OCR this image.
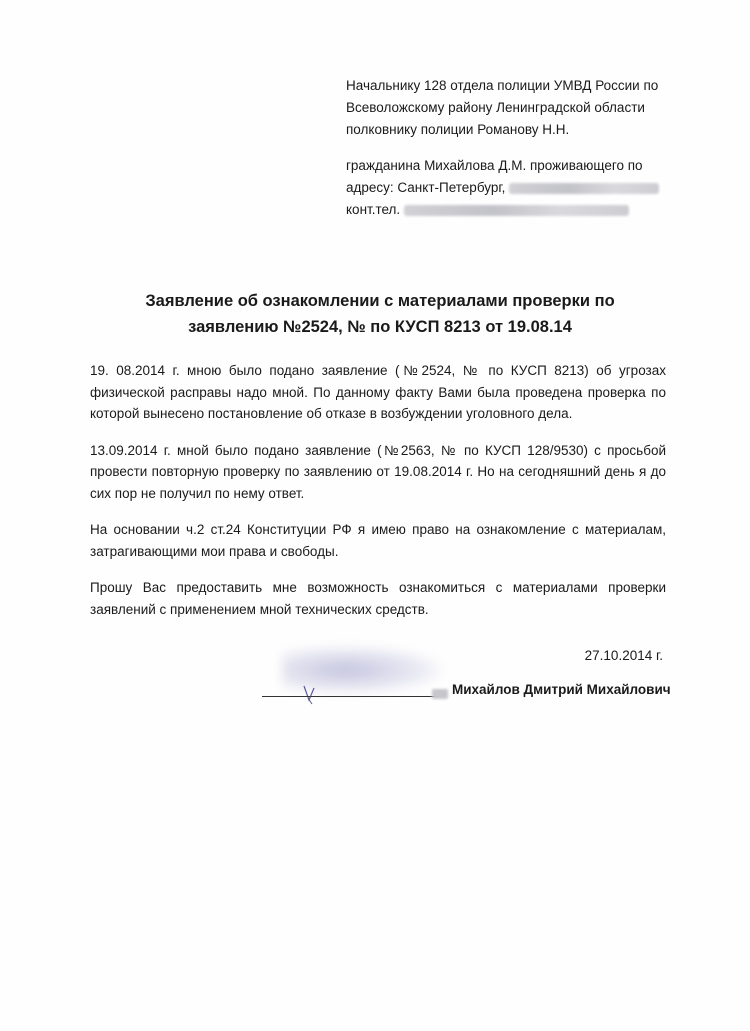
Начальнику 128 отдела полиции УМВД России по
Всеволожскому району Ленинградской области
полковнику полиции Романову Н.Н.
гражданина Михайлова Д.М. проживающего по
адресу: Санкт-Петербург,
конт.тел.
Заявление об ознакомлении с материалами проверки по
заявлению №2524, № по КУСП 8213 от 19.08.14

19. 08.2014 г. мною было подано заявление (№2524, № по КУСП 8213) об угрозах физической расправы надо мной. По данному факту Вами была проведена проверка по которой вынесено постановление об отказе в возбуждении уголовного дела.

13.09.2014 г. мной было подано заявление (№2563, № по КУСП 128/9530) с просьбой провести повторную проверку по заявлению от 19.08.2014 г. Но на сегодняшний день я до сих пор не получил по нему ответ.

На основании ч.2 ст.24 Конституции РФ я имею право на ознакомление с материалам, затрагивающими мои права и свободы.

Прошу Вас предоставить мне возможность ознакомиться с материалами проверки заявлений с применением мной технических средств.

27.10.2014 г.
Михайлов Дмитрий Михайлович
